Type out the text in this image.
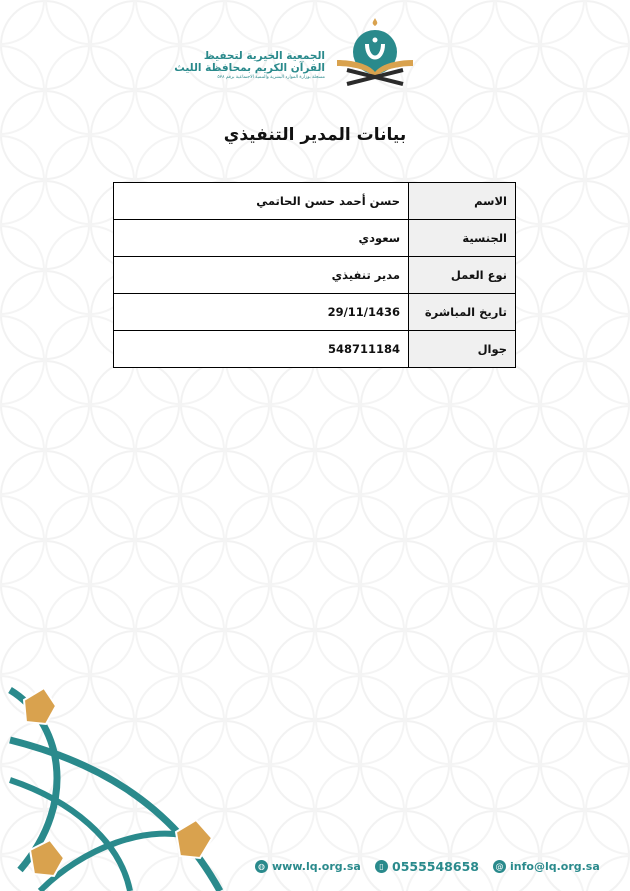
الجمعية الخيرية لتحفيظ
القرآن الكريم بمحافظة الليث
مسجلة بوزارة الموارد البشرية والتنمية الاجتماعية برقم ٥٣٨
بيانات المدير التنفيذي
الاسم	حسن أحمد حسن الحاتمي
الجنسية	سعودي
نوع العمل	مدير تنفيذي
تاريخ المباشرة	29/11/1436
جوال	548711184
◍ www.lq.org.sa	▯ 0555548658	@ info@lq.org.sa
